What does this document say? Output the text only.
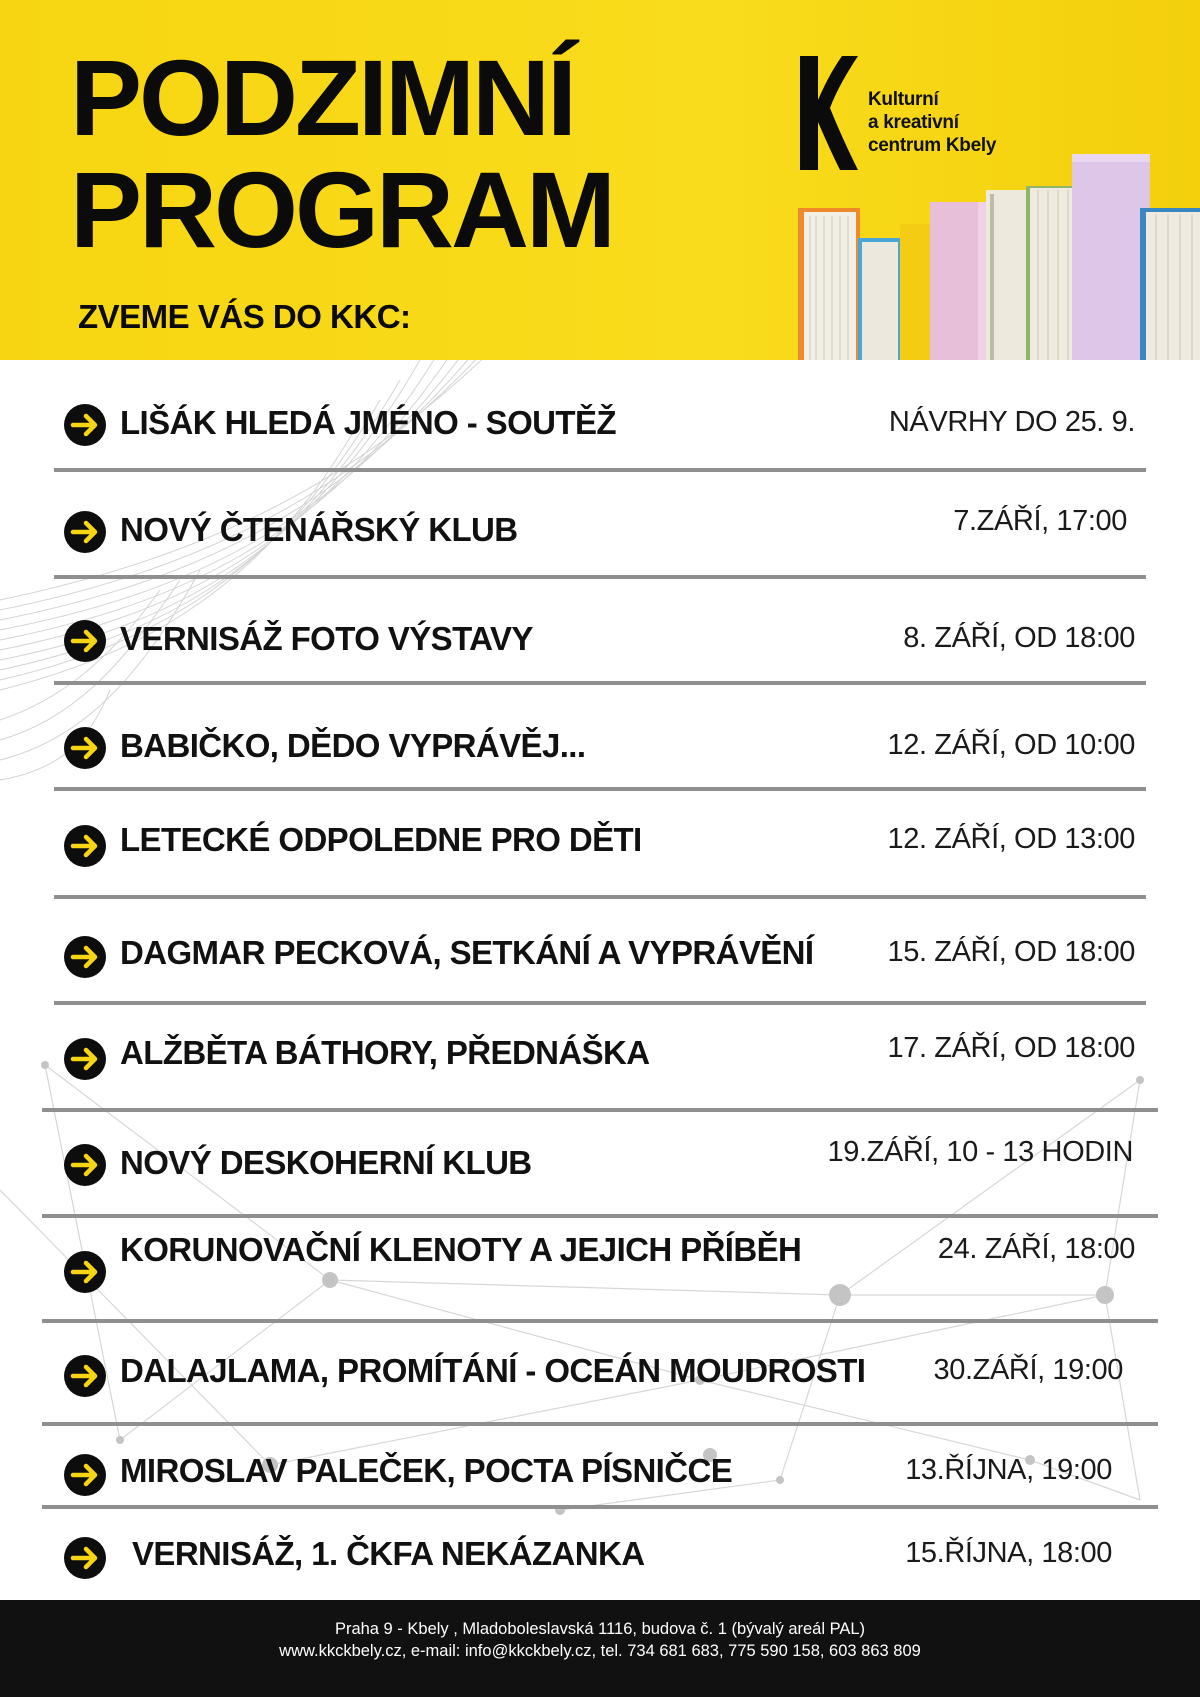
PODZIMNÍ
PROGRAM
ZVEME VÁS DO KKC:
Kulturní
a kreativní
centrum Kbely
LIŠÁK HLEDÁ JMÉNO - SOUTĚŽ	NÁVRHY DO 25. 9.
NOVÝ ČTENÁŘSKÝ KLUB	7.ZÁŘÍ, 17:00
VERNISÁŽ FOTO VÝSTAVY	8. ZÁŘÍ, OD 18:00
BABIČKO, DĚDO VYPRÁVĚJ...	12. ZÁŘÍ, OD 10:00
LETECKÉ ODPOLEDNE PRO DĚTI	12. ZÁŘÍ, OD 13:00
DAGMAR PECKOVÁ, SETKÁNÍ A VYPRÁVĚNÍ	15. ZÁŘÍ, OD 18:00
ALŽBĚTA BÁTHORY, PŘEDNÁŠKA	17. ZÁŘÍ, OD 18:00
NOVÝ DESKOHERNÍ KLUB	19.ZÁŘÍ, 10 - 13 HODIN
KORUNOVAČNÍ KLENOTY A JEJICH PŘÍBĚH	24. ZÁŘÍ, 18:00
DALAJLAMA, PROMÍTÁNÍ - OCEÁN MOUDROSTI 30.ZÁŘÍ, 19:00
MIROSLAV PALEČEK, POCTA PÍSNIČCE	13.ŘÍJNA, 19:00
VERNISÁŽ, 1. ČKFA NEKÁZANKA	15.ŘÍJNA, 18:00
Praha 9 - Kbely , Mladoboleslavská 1116, budova č. 1 (bývalý areál PAL)
www.kkckbely.cz, e-mail: info@kkckbely.cz, tel. 734 681 683, 775 590 158, 603 863 809
